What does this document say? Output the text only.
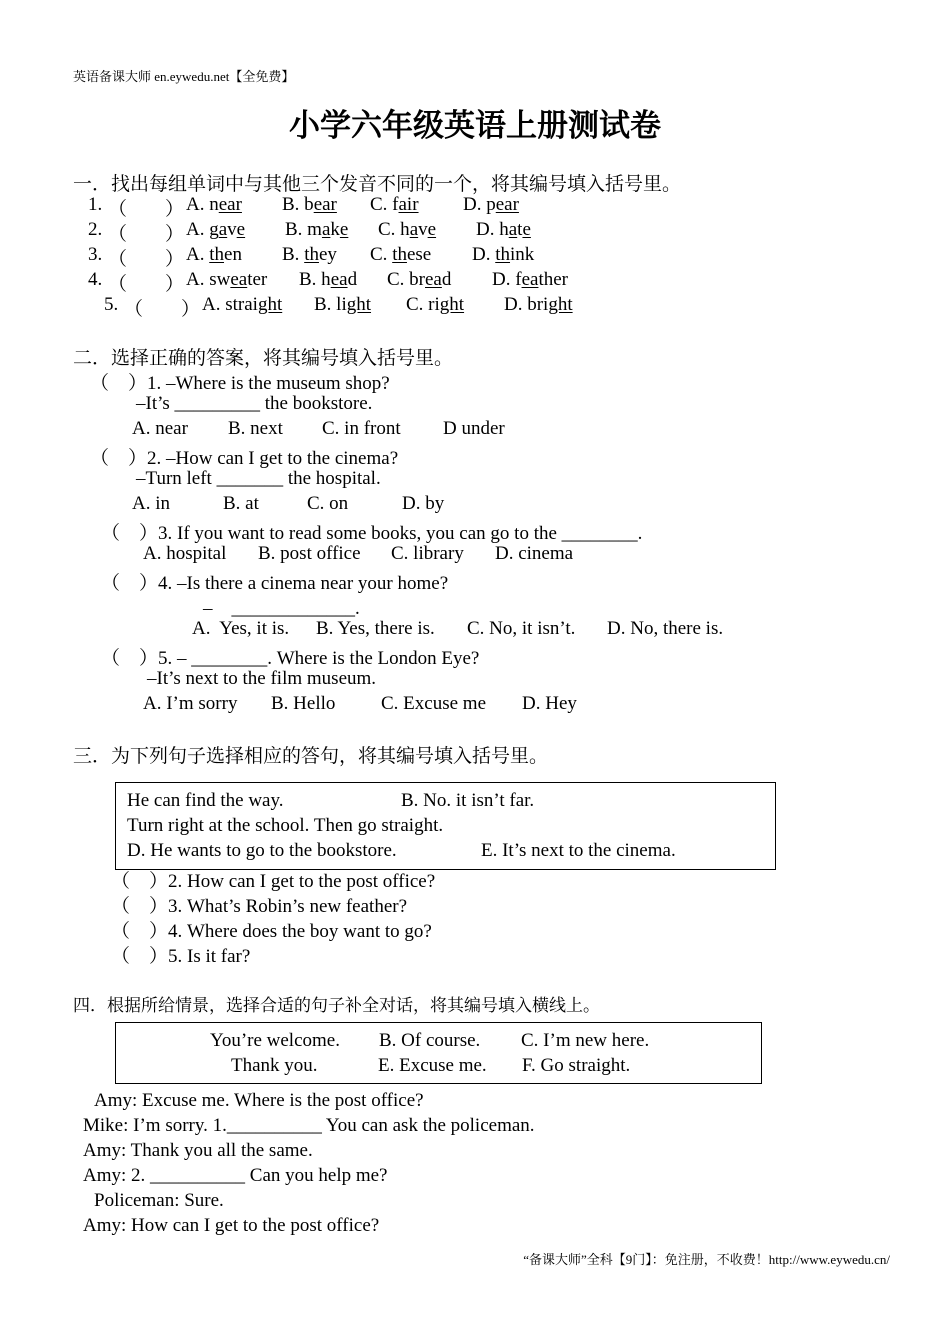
英语备课大师 en.eywedu.net【全免费】
小学六年级英语上册测试卷
一．找出每组单词中与其他三个发音不同的一个，将其编号填入括号里。
1. （　　） A. near B. bear C. fair D. pear
2. （　　） A. gave B. make C. have D. hate
3. （　　） A. then B. they C. these D. think
4. （　　） A. sweater B. head C. bread D. feather
5. （　　） A. straight B. light C. right D. bright
二．选择正确的答案，将其编号填入括号里。
（　）1. –Where is the museum shop?
–It’s _________ the bookstore.
A. near B. next C. in front D under
（　）2. –How can I get to the cinema?
–Turn left _______ the hospital.
A. in	B. at	C. on	D. by
（　）3. If you want to read some books, you can go to the ________.
A. hospital B. post office C. library D. cinema
（　）4. –Is there a cinema near your home?
–　_____________.
A.  Yes, it is. B. Yes, there is. C. No, it isn’t. D. No, there is.
（　）5. – ________. Where is the London Eye?
–It’s next to the film museum.
A. I’m sorry B. Hello C. Excuse me D. Hey
三．为下列句子选择相应的答句，将其编号填入括号里。
He can find the way.	B. No. it isn’t far.
Turn right at the school. Then go straight.
D. He wants to go to the bookstore.	E. It’s next to the cinema.
（　）2. How can I get to the post office?
（　）3. What’s Robin’s new feather?
（　）4. Where does the boy want to go?
（　）5. Is it far?
四．根据所给情景，选择合适的句子补全对话，将其编号填入横线上。
You’re welcome. B. Of course. C. I’m new here.
Thank you.	E. Excuse me. F. Go straight.
Amy: Excuse me. Where is the post office?
Mike: I’m sorry. 1.__________ You can ask the policeman.
Amy: Thank you all the same.
Amy: 2. __________ Can you help me?
Policeman: Sure.
Amy: How can I get to the post office?
“备课大师”全科【9门】：免注册，不收费！http://www.eywedu.cn/
